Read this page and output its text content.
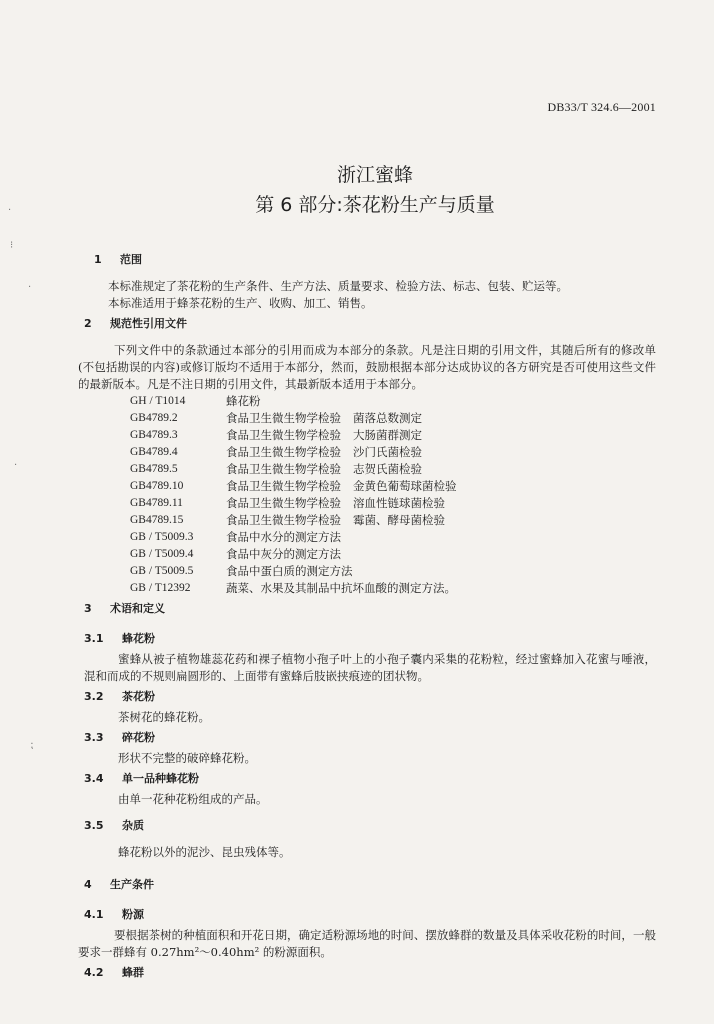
·
⁝
·
·
⁏
DB33/T 324.6—2001
浙江蜜蜂
第 6 部分:茶花粉生产与质量
1	范围
本标准规定了茶花粉的生产条件、生产方法、质量要求、检验方法、标志、包装、贮运等。
本标准适用于蜂茶花粉的生产、收购、加工、销售。
2	规范性引用文件
下列文件中的条款通过本部分的引用而成为本部分的条款。凡是注日期的引用文件，其随后所有的修改单(不包括勘误的内容)或修订版均不适用于本部分，然而，鼓励根据本部分达成协议的各方研究是否可使用这些文件的最新版本。凡是不注日期的引用文件，其最新版本适用于本部分。
GH / T1014	蜂花粉
GB4789.2	食品卫生微生物学检验 菌落总数测定
GB4789.3	食品卫生微生物学检验 大肠菌群测定
GB4789.4	食品卫生微生物学检验 沙门氏菌检验
GB4789.5	食品卫生微生物学检验 志贺氏菌检验
GB4789.10	食品卫生微生物学检验 金黄色葡萄球菌检验
GB4789.11	食品卫生微生物学检验 溶血性链球菌检验
GB4789.15	食品卫生微生物学检验 霉菌、酵母菌检验
GB / T5009.3	食品中水分的测定方法
GB / T5009.4	食品中灰分的测定方法
GB / T5009.5	食品中蛋白质的测定方法
GB / T12392	蔬菜、水果及其制品中抗坏血酸的测定方法。
3	术语和定义
3.1	蜂花粉
蜜蜂从被子植物雄蕊花药和裸子植物小孢子叶上的小孢子囊内采集的花粉粒，经过蜜蜂加入花蜜与唾液，混和而成的不规则扁圆形的、上面带有蜜蜂后肢嵌挟痕迹的团状物。
3.2	茶花粉
茶树花的蜂花粉。
3.3	碎花粉
形状不完整的破碎蜂花粉。
3.4	单一品种蜂花粉
由单一花种花粉组成的产品。
3.5	杂质
蜂花粉以外的泥沙、昆虫残体等。
4	生产条件
4.1	粉源
要根据茶树的种植面积和开花日期，确定适粉源场地的时间、摆放蜂群的数量及具体采收花粉的时间，一般要求一群蜂有 0.27hm²～0.40hm² 的粉源面积。
4.2	蜂群
